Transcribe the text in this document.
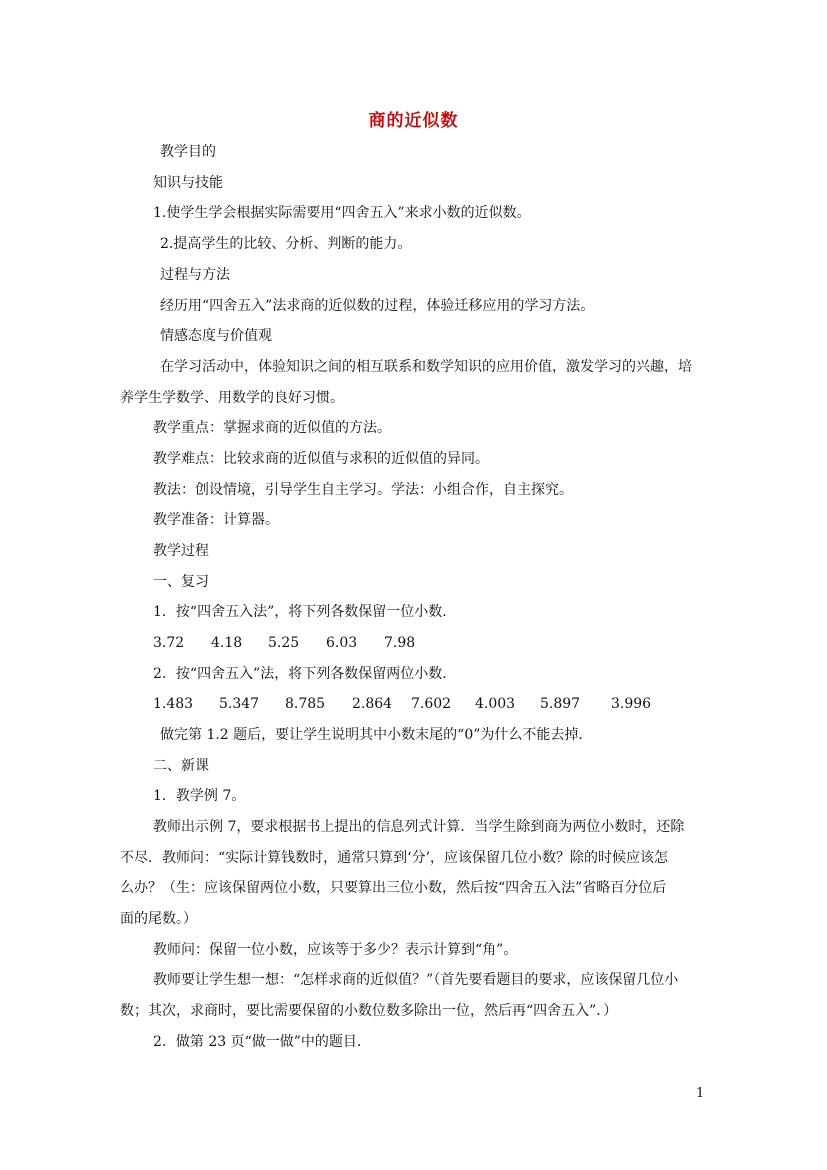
商的近似数
教学目的
知识与技能
1.使学生学会根据实际需要用“四舍五入”来求小数的近似数。
2.提高学生的比较、分析、判断的能力。
过程与方法
经历用“四舍五入”法求商的近似数的过程，体验迁移应用的学习方法。
情感态度与价值观
在学习活动中，体验知识之间的相互联系和数学知识的应用价值，激发学习的兴趣，培
养学生学数学、用数学的良好习惯。
教学重点：掌握求商的近似值的方法。
教学难点：比较求商的近似值与求积的近似值的异同。
教法：创设情境，引导学生自主学习。学法：小组合作，自主探究。
教学准备：计算器。
教学过程
一、复习
1．按“四舍五入法”，将下列各数保留一位小数．
3.72 4.18 5.25 6.03 7.98
2．按“四舍五入”法，将下列各数保留两位小数．
1.483 5.347 8.785 2.864 7.602 4.003 5.897 3.996
做完第 1.2 题后，要让学生说明其中小数末尾的“0”为什么不能去掉．
二、新课
1．教学例 7。
教师出示例 7，要求根据书上提出的信息列式计算．当学生除到商为两位小数时，还除
不尽．教师问：“实际计算钱数时，通常只算到‘分’，应该保留几位小数？除的时候应该怎
么办？（生：应该保留两位小数，只要算出三位小数，然后按“四舍五入法”省略百分位后
面的尾数。）
教师问：保留一位小数，应该等于多少？表示计算到“角”。
教师要让学生想一想：“怎样求商的近似值？”（首先要看题目的要求，应该保留几位小
数；其次，求商时，要比需要保留的小数位数多除出一位，然后再“四舍五入”．）
2．做第 23 页“做一做”中的题目．
1
